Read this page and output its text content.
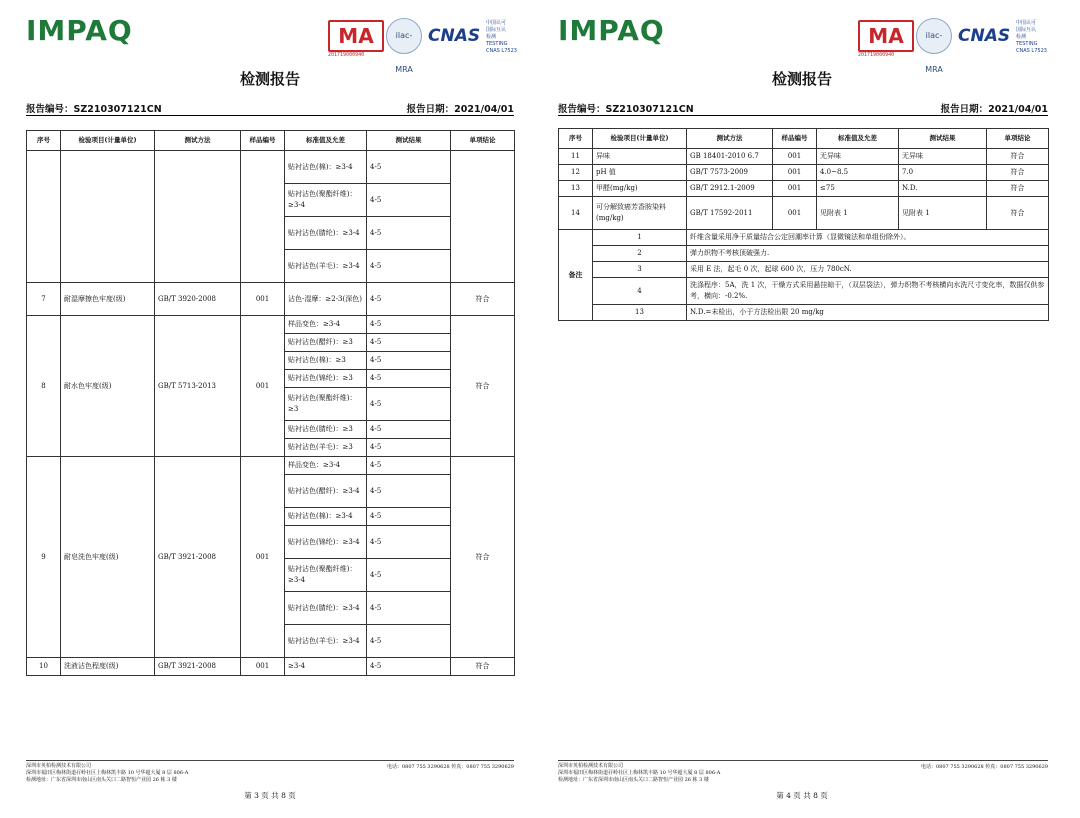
IMPAQ	MA
201719000940
ilac-MRA
CNAS
中国认可
国际互认
检测
TESTING
CNAS L7523
检测报告
报告编号：SZ210307121CN	报告日期：2021/04/01
序号	检验项目(计量单位)	测试方法	样品编号	标准值及允差	测试结果	单项结论
				贴衬沾色(棉)：≥3-4	4-5	
				贴衬沾色(聚酯纤维)：≥3-4	4-5	
				贴衬沾色(腈纶)：≥3-4	4-5	
				贴衬沾色(羊毛)：≥3-4	4-5	
7	耐湿摩擦色牢度(级)	GB/T 3920-2008	001	沾色-湿摩：≥2-3(深色)	4-5	符合
8	耐水色牢度(级)	GB/T 5713-2013	001	样品变色：≥3-4	4-5	符合
				贴衬沾色(醋纤)：≥3	4-5	
				贴衬沾色(棉)：≥3	4-5	
				贴衬沾色(锦纶)：≥3	4-5	
				贴衬沾色(聚酯纤维)：≥3	4-5	
				贴衬沾色(腈纶)：≥3	4-5	
				贴衬沾色(羊毛)：≥3	4-5	
9	耐皂洗色牢度(级)	GB/T 3921-2008	001	样品变色：≥3-4	4-5	符合
				贴衬沾色(醋纤)：≥3-4	4-5	
				贴衬沾色(棉)：≥3-4	4-5	
				贴衬沾色(锦纶)：≥3-4	4-5	
				贴衬沾色(聚酯纤维)：≥3-4	4-5	
				贴衬沾色(腈纶)：≥3-4	4-5	
				贴衬沾色(羊毛)：≥3-4	4-5	
10	洗液沾色程度(级)	GB/T 3921-2008	001	≥3-4	4-5	符合
深圳市英柏检测技术有限公司
深圳市福田区梅林街道孖岭社区上梅林凯丰路 10 号华超大厦 8 层 806-A
检测地址：广东省深圳市南山区南头关口二路智恒产业园 26 栋 3 楼
电话：0807 755 3290628 传真：0807 755 3290629
第 3 页 共 8 页
IMPAQ	MA
201719000940
ilac-MRA
CNAS
中国认可
国际互认
检测
TESTING
CNAS L7523
检测报告
报告编号：SZ210307121CN	报告日期：2021/04/01
序号	检验项目(计量单位)	测试方法	样品编号	标准值及允差	测试结果	单项结论
11	异味	GB 18401-2010 6.7	001	无异味	无异味	符合
12	pH 值	GB/T 7573-2009	001	4.0~8.5	7.0	符合
13	甲醛(mg/kg)	GB/T 2912.1-2009	001	≤75	N.D.	符合
14	可分解致癌芳香胺染料(mg/kg)	GB/T 17592-2011	001	见附表 1	见附表 1	符合
备注	1	纤维含量采用净干质量结合公定回潮率计算（显微镜法和单组份除外）。				
	2	弹力织物不考核顶破强力.				
	3	采用 E 法，起毛 0 次，起球 600 次，压力 780cN.				
	4	洗涤程序：5A，洗 1 次，干燥方式采用悬挂晾干，（双层袋法），弹力织物不考核横向水洗尺寸变化率，数据仅供参考，横向：-0.2%.				
	13	N.D.=未检出，小于方法检出限 20 mg/kg				
深圳市英柏检测技术有限公司
深圳市福田区梅林街道孖岭社区上梅林凯丰路 10 号华超大厦 8 层 806-A
检测地址：广东省深圳市南山区南头关口二路智恒产业园 26 栋 3 楼
电话：0807 755 3290628 传真：0807 755 3290629
第 4 页 共 8 页
